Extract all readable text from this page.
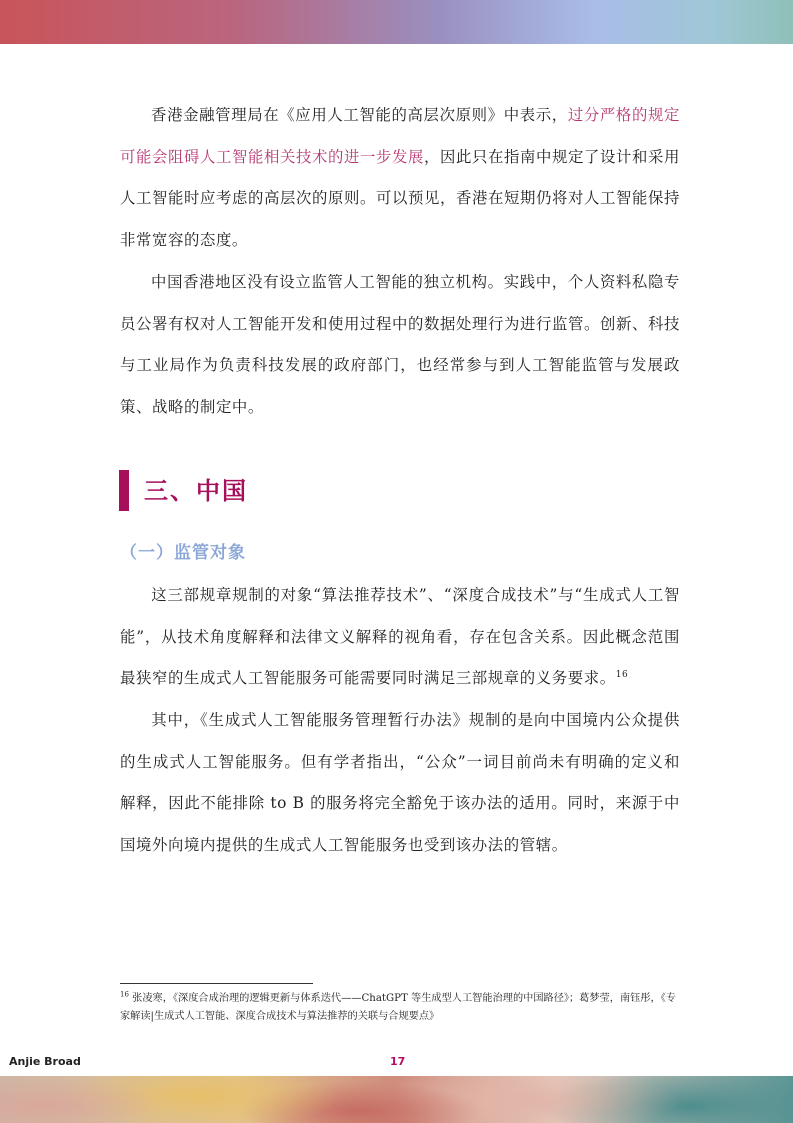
香港金融管理局在《应用人工智能的高层次原则》中表示，过分严格的规定可能会阻碍人工智能相关技术的进一步发展，因此只在指南中规定了设计和采用人工智能时应考虑的高层次的原则。可以预见，香港在短期仍将对人工智能保持非常宽容的态度。

中国香港地区没有设立监管人工智能的独立机构。实践中，个人资料私隐专员公署有权对人工智能开发和使用过程中的数据处理行为进行监管。创新、科技与工业局作为负责科技发展的政府部门，也经常参与到人工智能监管与发展政策、战略的制定中。

三、中国
（一）监管对象

这三部规章规制的对象“算法推荐技术”、“深度合成技术”与“生成式人工智能”，从技术角度解释和法律文义解释的视角看，存在包含关系。因此概念范围最狭窄的生成式人工智能服务可能需要同时满足三部规章的义务要求。$^{16}$

其中，《生成式人工智能服务管理暂行办法》规制的是向中国境内公众提供的生成式人工智能服务。但有学者指出，“公众”一词目前尚未有明确的定义和解释，因此不能排除 to B 的服务将完全豁免于该办法的适用。同时，来源于中国境外向境内提供的生成式人工智能服务也受到该办法的管辖。

$^{16}$ 张凌寒，《深度合成治理的逻辑更新与体系迭代——ChatGPT 等生成型人工智能治理的中国路径》；葛梦莹，南钰彤，《专家解读|生成式人工智能、深度合成技术与算法推荐的关联与合规要点》

Anjie Broad	17
